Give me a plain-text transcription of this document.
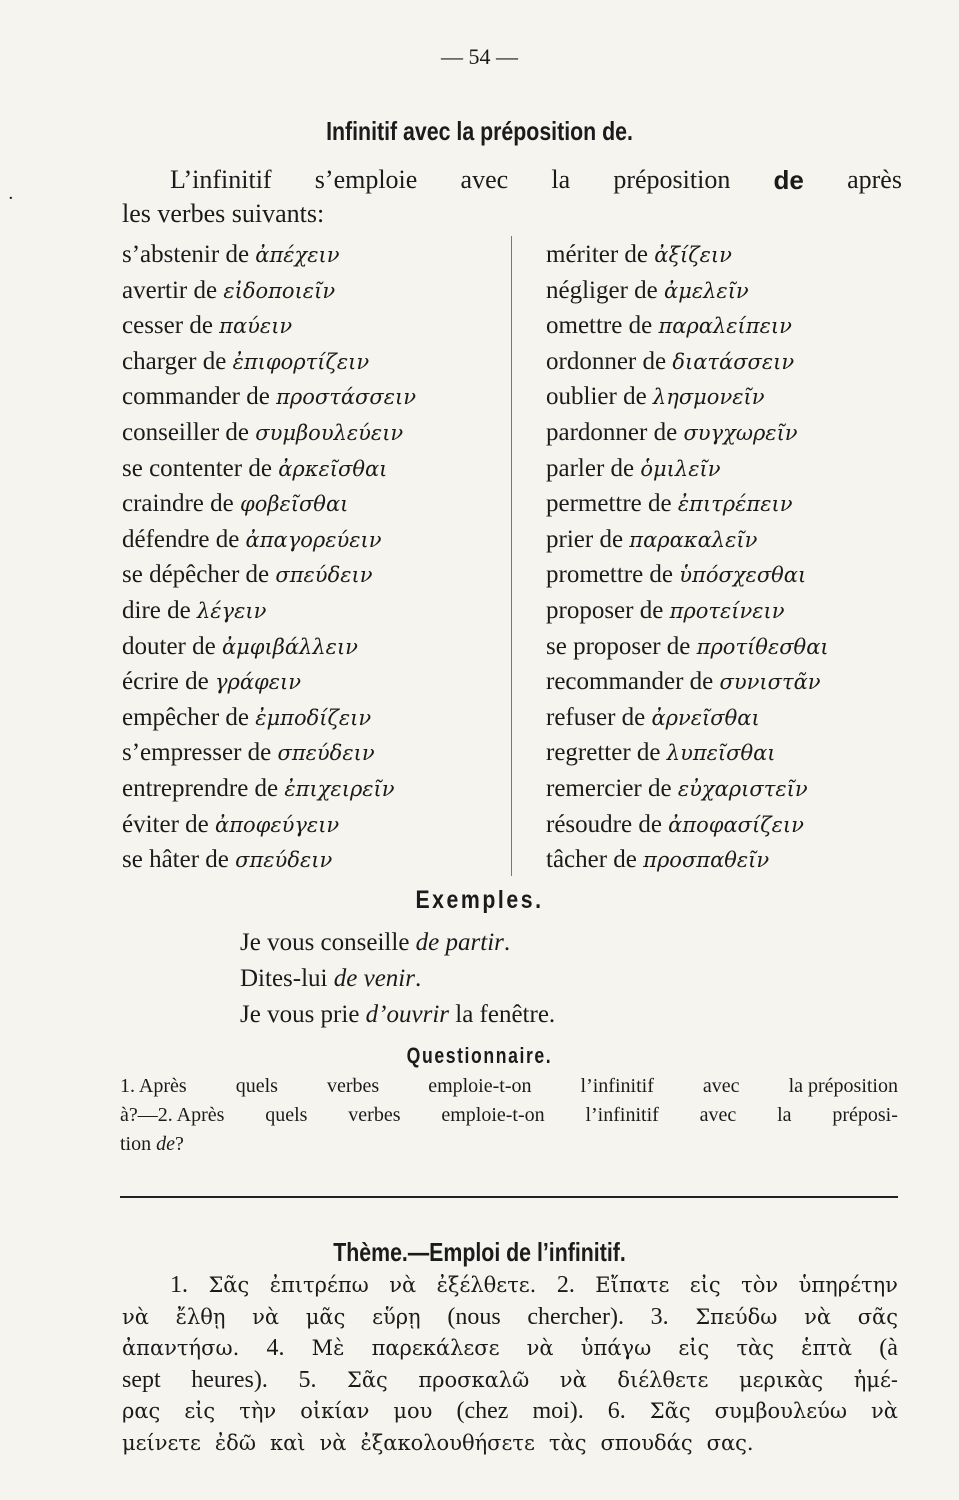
·
— 54 —
Infinitif avec la préposition de.
L’infinitif s’emploie avec la préposition de après
les verbes suivants:
s’abstenir de ἀπέχειν
avertir de εἰδοποιεῖν
cesser de παύειν
charger de ἐπιφορτίζειν
commander de προστάσσειν
conseiller de συμβουλεύειν
se contenter de ἀρκεῖσθαι
craindre de φοβεῖσθαι
défendre de ἀπαγορεύειν
se dépêcher de σπεύδειν
dire de λέγειν
douter de ἀμφιβάλλειν
écrire de γράφειν
empêcher de ἐμποδίζειν
s’empresser de σπεύδειν
entreprendre de ἐπιχειρεῖν
éviter de ἀποφεύγειν
se hâter de σπεύδειν
mériter de ἀξίζειν
négliger de ἀμελεῖν
omettre de παραλείπειν
ordonner de διατάσσειν
oublier de λησμονεῖν
pardonner de συγχωρεῖν
parler de ὁμιλεῖν
permettre de ἐπιτρέπειν
prier de παρακαλεῖν
promettre de ὑπόσχεσθαι
proposer de προτείνειν
se proposer de προτίθεσθαι
recommander de συνιστᾶν
refuser de ἀρνεῖσθαι
regretter de λυπεῖσθαι
remercier de εὐχαριστεῖν
résoudre de ἀποφασίζειν
tâcher de προσπαθεῖν
Exemples.
Je vous conseille de partir.
Dites-lui de venir.
Je vous prie d’ouvrir la fenêtre.
Questionnaire.
1. Après quels verbes emploie-t-on l’infinitif avec la préposition
à?—2. Après quels verbes emploie-t-on l’infinitif avec la préposi-
tion de?
Thème.—Emploi de l’infinitif.
1. Σᾶς ἐπιτρέπω νὰ ἐξέλθετε. 2. Εἴπατε εἰς τὸν ὑπηρέτην
νὰ ἔλθῃ νὰ μᾶς εὕρῃ (nous chercher). 3. Σπεύδω νὰ σᾶς
ἀπαντήσω. 4. Μὲ παρεκάλεσε νὰ ὑπάγω εἰς τὰς ἑπτὰ (à
sept heures). 5. Σᾶς προσκαλῶ νὰ διέλθετε μερικὰς ἡμέ-
ρας εἰς τὴν οἰκίαν μου (chez moi). 6. Σᾶς συμβουλεύω νὰ
μείνετε ἐδῶ καὶ νὰ ἐξακολουθήσετε τὰς σπουδάς σας.
